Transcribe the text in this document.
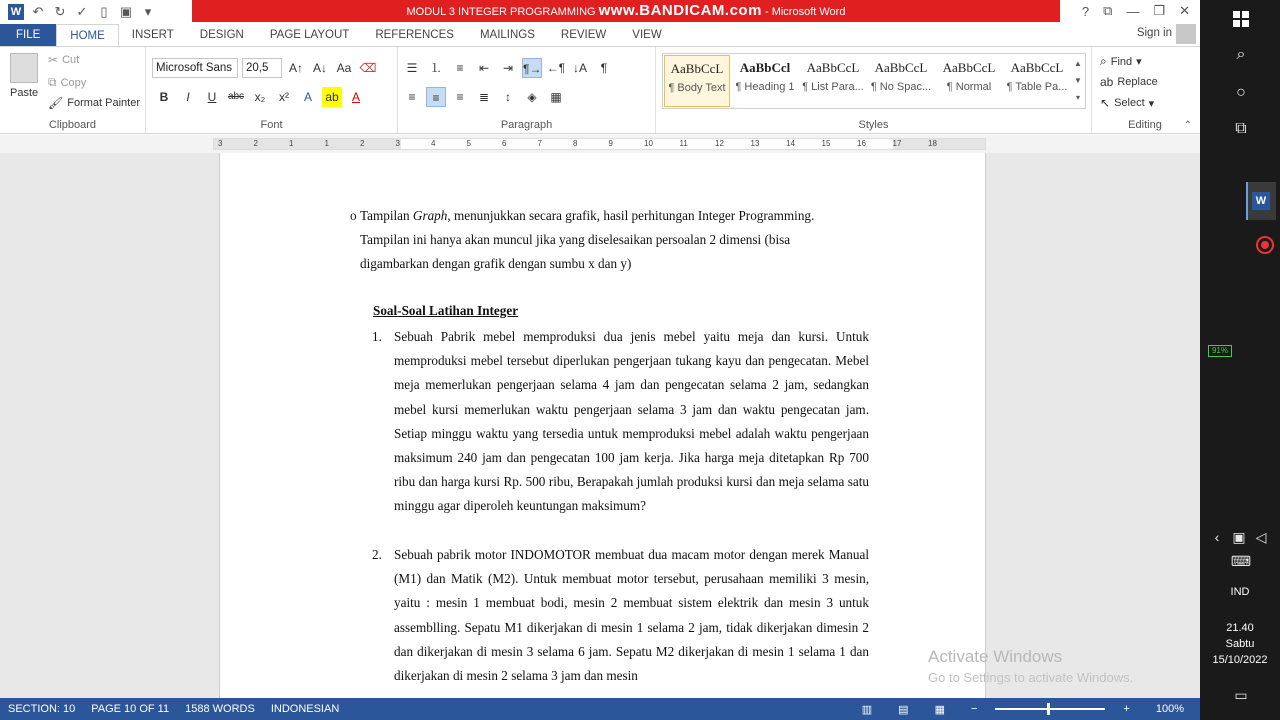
W ↶ ↻ ✓ ▯ ▣ ▾	MODUL 3 INTEGER PROGRAMMING www.BANDICAM.com - Microsoft Word	? ⧉ — ❐ ✕
FILE	HOME	INSERT	DESIGN	PAGE LAYOUT	REFERENCES	MAILINGS	REVIEW	VIEW	Sign in
Paste
✂ Cut
⧉ Copy
🖌 Format Painter
Clipboard
Microsoft Sans	20,5	A↑ A↓ Aa ⌫
B	I	U	abc x₂	x²	A	ab	A
Font
☰	⒈	≡	⇤	⇥ ¶→ ←¶ ↓A	¶
≡	≡	≡	≣	↕	◈	▦
Paragraph
AaBbCcL
¶ Body Text
AaBbCcl
¶ Heading 1
AaBbCcL
¶ List Para...
AaBbCcL
¶ No Spac...
AaBbCcL
¶ Normal
AaBbCcL
¶ Table Pa...
▲
▼
▾
Styles
⌕ Find ▾
ab Replace
↖ Select ▾
Editing	⌃
3	2	1	1	2	3	4	5	6	7	8	9	10	11	12	13	14	15	16	17	18
o Tampilan Graph, menunjukkan secara grafik, hasil perhitungan Integer Programming. Tampilan ini hanya akan muncul jika yang diselesaikan persoalan 2 dimensi (bisa digambarkan dengan grafik dengan sumbu x dan y)
Soal-Soal Latihan Integer
1. Sebuah Pabrik mebel memproduksi dua jenis mebel yaitu meja dan kursi. Untuk memproduksi mebel tersebut diperlukan pengerjaan tukang kayu dan pengecatan. Mebel meja memerlukan pengerjaan selama 4 jam dan pengecatan selama 2 jam, sedangkan mebel kursi memerlukan waktu pengerjaan selama 3 jam dan waktu pengecatan jam. Setiap minggu waktu yang tersedia untuk memproduksi mebel adalah waktu pengerjaan maksimum 240 jam dan pengecatan 100 jam kerja. Jika harga meja ditetapkan Rp 700 ribu dan harga kursi Rp. 500 ribu, Berapakah jumlah produksi kursi dan meja selama satu minggu agar diperoleh keuntungan maksimum?
2. Sebuah pabrik motor INDOMOTOR membuat dua macam motor dengan merek Manual (M1) dan Matik (M2). Untuk membuat motor tersebut, perusahaan memiliki 3 mesin, yaitu : mesin 1 membuat bodi, mesin 2 membuat sistem elektrik dan mesin 3 untuk assemblling. Sepatu M1 dikerjakan di mesin 1 selama 2 jam, tidak dikerjakan dimesin 2 dan dikerjakan di mesin 3 selama 6 jam. Sepatu M2 dikerjakan di mesin 1 selama 1 dan dikerjakan di mesin 2 selama 3 jam dan mesin
Activate Windows
Go to Settings to activate Windows.
SECTION: 10	PAGE 10 OF 11	1588 WORDS	INDONESIAN	▥	▤	▦	−	+	100%
⌕
○
⧉
W
91%
‹ ▣ ◁
⌨
IND
21.40
Sabtu
15/10/2022
▭
